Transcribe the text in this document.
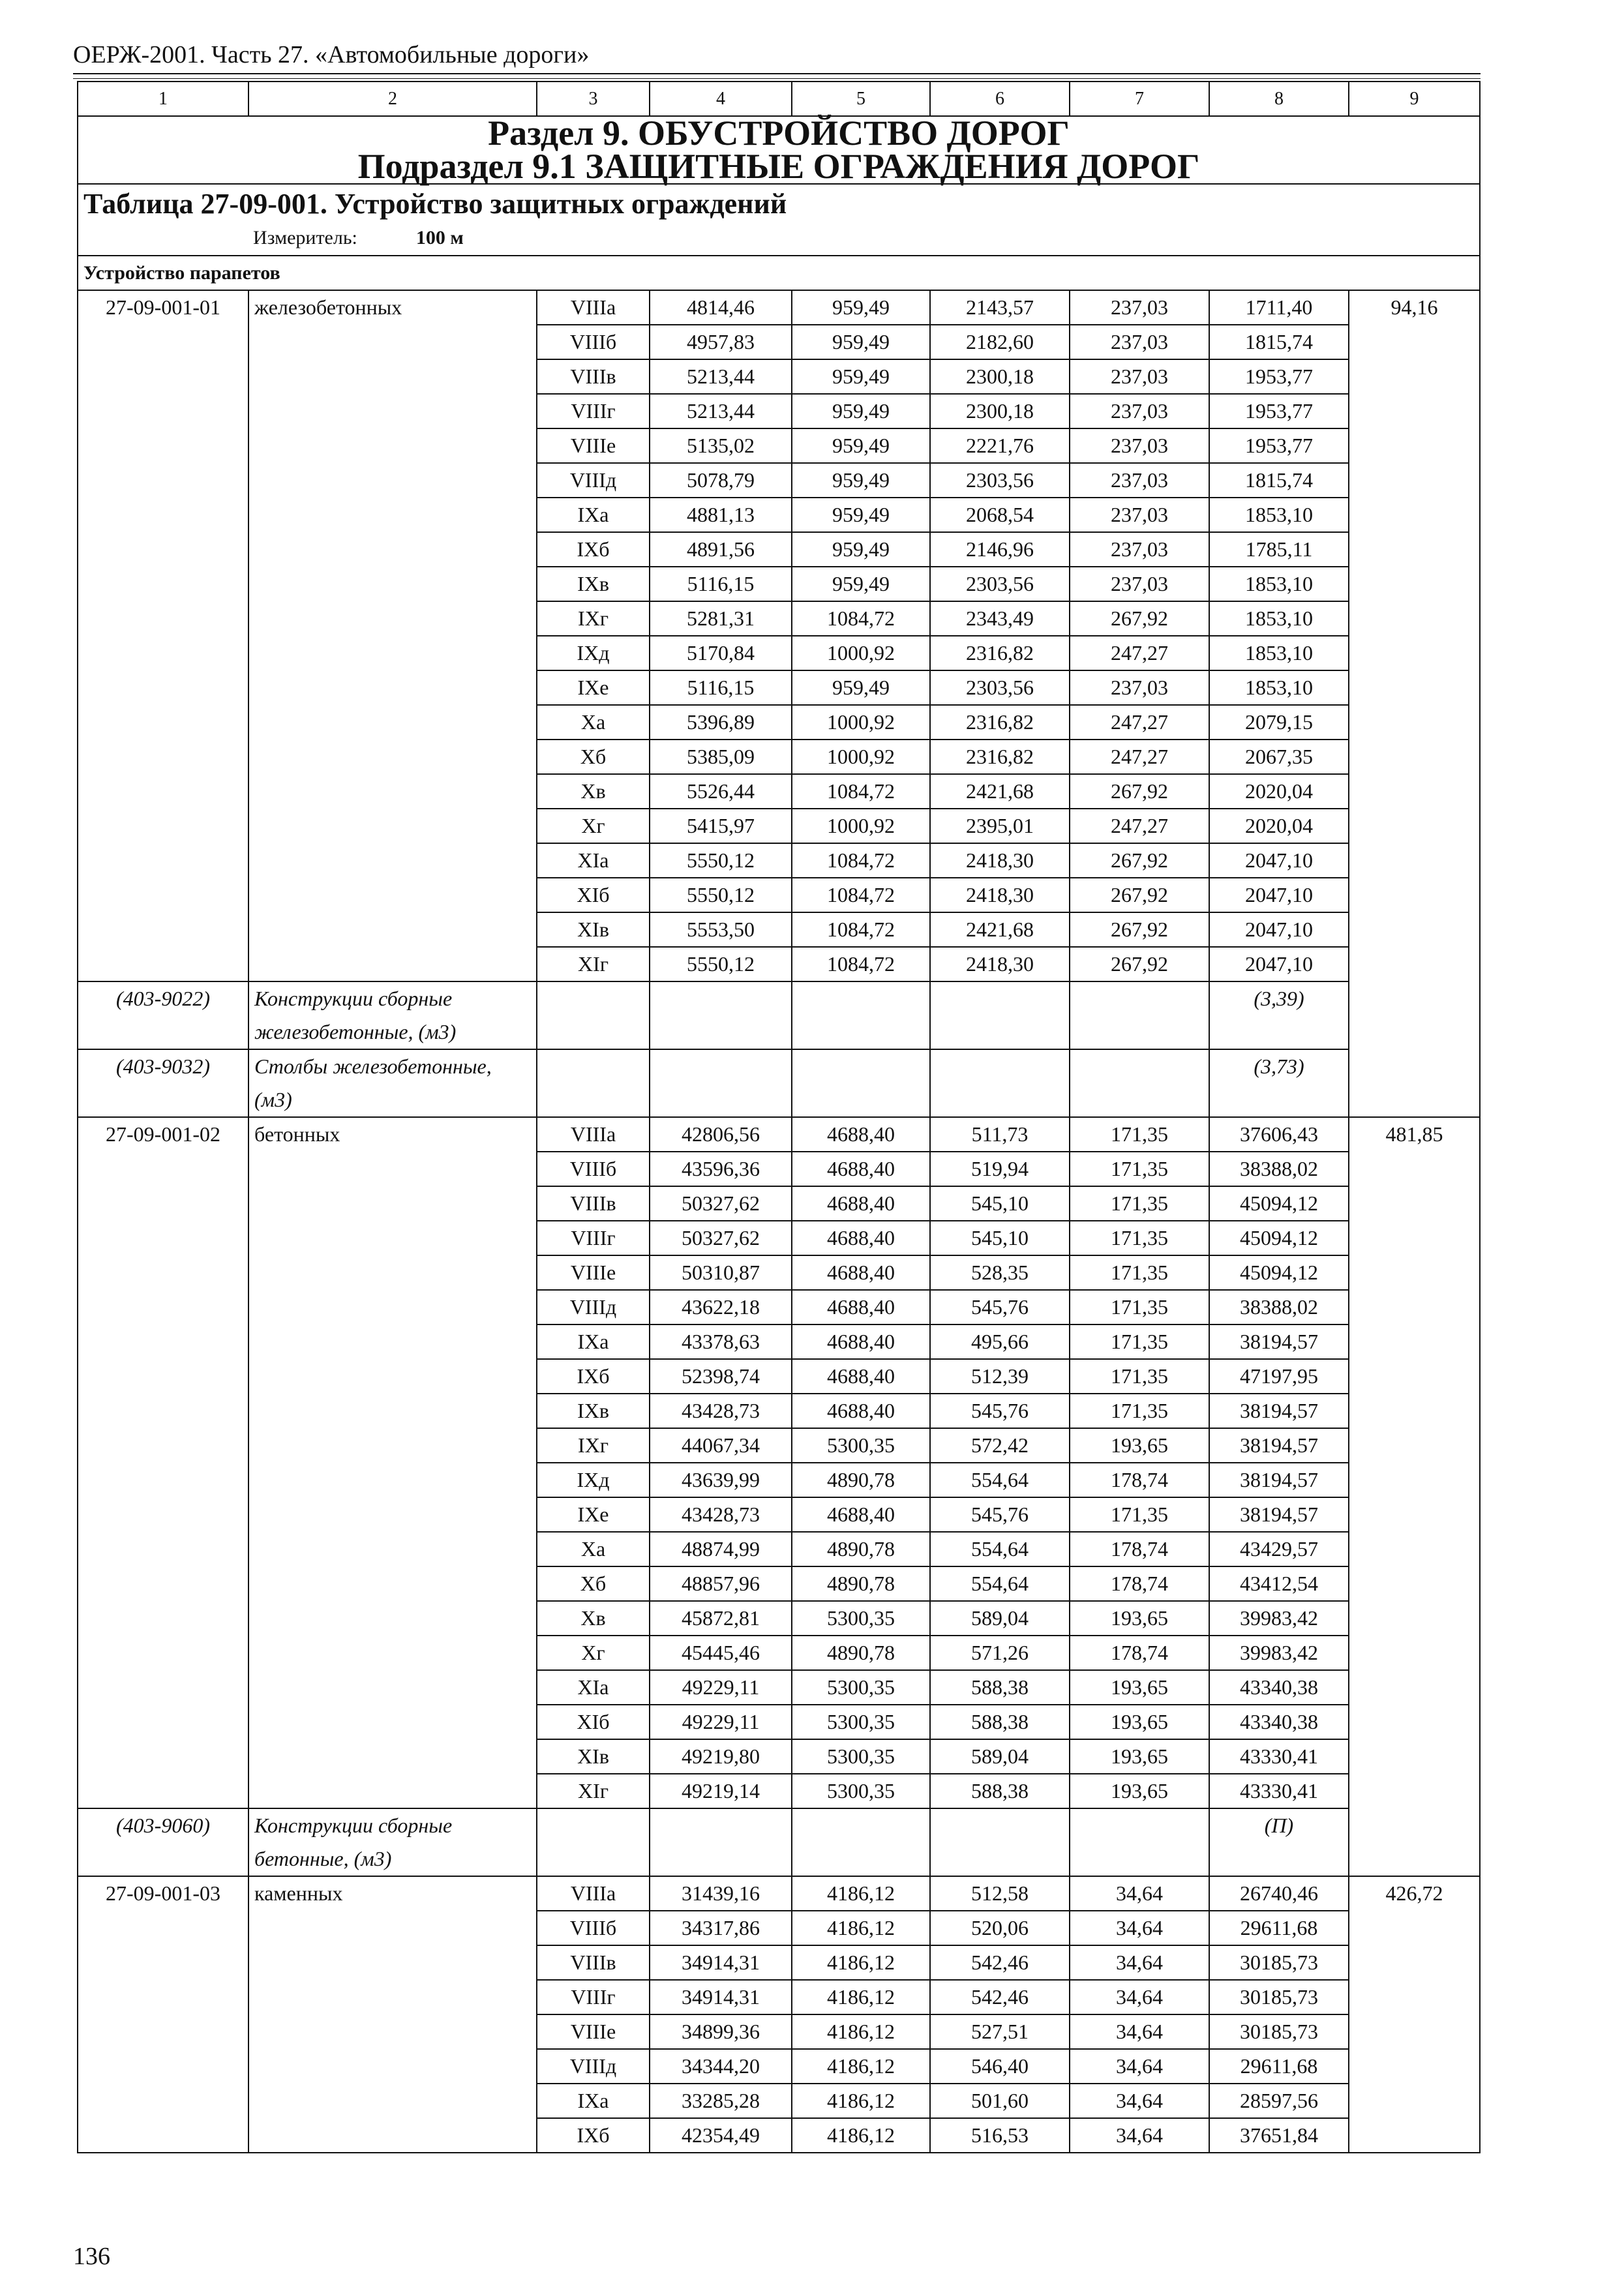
ОЕРЖ-2001. Часть 27. «Автомобильные дороги»
1	2	3	4	5	6	7	8	9

Раздел 9. ОБУСТРОЙСТВО ДОРОГ
Подраздел 9.1 ЗАЩИТНЫЕ ОГРАЖДЕНИЯ ДОРОГ								

Таблица 27-09-001. Устройство защитных ограждений
Измеритель: 100 м								

Устройство парапетов								
27-09-001-01	железобетонных	VIIIа	4814,46	959,49	2143,57	237,03	1711,40	94,16
		VIIIб	4957,83	959,49	2182,60	237,03	1815,74	
		VIIIв	5213,44	959,49	2300,18	237,03	1953,77	
		VIIIг	5213,44	959,49	2300,18	237,03	1953,77	
		VIIIе	5135,02	959,49	2221,76	237,03	1953,77	
		VIIIд	5078,79	959,49	2303,56	237,03	1815,74	
		IXа	4881,13	959,49	2068,54	237,03	1853,10	
		IXб	4891,56	959,49	2146,96	237,03	1785,11	
		IXв	5116,15	959,49	2303,56	237,03	1853,10	
		IXг	5281,31	1084,72	2343,49	267,92	1853,10	
		IXд	5170,84	1000,92	2316,82	247,27	1853,10	
		IXе	5116,15	959,49	2303,56	237,03	1853,10	
		Xа	5396,89	1000,92	2316,82	247,27	2079,15	
		Xб	5385,09	1000,92	2316,82	247,27	2067,35	
		Xв	5526,44	1084,72	2421,68	267,92	2020,04	
		Xг	5415,97	1000,92	2395,01	247,27	2020,04	
		XIа	5550,12	1084,72	2418,30	267,92	2047,10	
		XIб	5550,12	1084,72	2418,30	267,92	2047,10	
		XIв	5553,50	1084,72	2421,68	267,92	2047,10	
		XIг	5550,12	1084,72	2418,30	267,92	2047,10	
(403-9022)	Конструкции сборные железобетонные, (м3)						(3,39)	
(403-9032)	Столбы железобетонные, (м3)						(3,73)	
27-09-001-02	бетонных	VIIIа	42806,56	4688,40	511,73	171,35	37606,43	481,85
		VIIIб	43596,36	4688,40	519,94	171,35	38388,02	
		VIIIв	50327,62	4688,40	545,10	171,35	45094,12	
		VIIIг	50327,62	4688,40	545,10	171,35	45094,12	
		VIIIе	50310,87	4688,40	528,35	171,35	45094,12	
		VIIIд	43622,18	4688,40	545,76	171,35	38388,02	
		IXа	43378,63	4688,40	495,66	171,35	38194,57	
		IXб	52398,74	4688,40	512,39	171,35	47197,95	
		IXв	43428,73	4688,40	545,76	171,35	38194,57	
		IXг	44067,34	5300,35	572,42	193,65	38194,57	
		IXд	43639,99	4890,78	554,64	178,74	38194,57	
		IXе	43428,73	4688,40	545,76	171,35	38194,57	
		Xа	48874,99	4890,78	554,64	178,74	43429,57	
		Xб	48857,96	4890,78	554,64	178,74	43412,54	
		Xв	45872,81	5300,35	589,04	193,65	39983,42	
		Xг	45445,46	4890,78	571,26	178,74	39983,42	
		XIа	49229,11	5300,35	588,38	193,65	43340,38	
		XIб	49229,11	5300,35	588,38	193,65	43340,38	
		XIв	49219,80	5300,35	589,04	193,65	43330,41	
		XIг	49219,14	5300,35	588,38	193,65	43330,41	
(403-9060)	Конструкции сборные бетонные, (м3)						(П)	
27-09-001-03	каменных	VIIIа	31439,16	4186,12	512,58	34,64	26740,46	426,72
		VIIIб	34317,86	4186,12	520,06	34,64	29611,68	
		VIIIв	34914,31	4186,12	542,46	34,64	30185,73	
		VIIIг	34914,31	4186,12	542,46	34,64	30185,73	
		VIIIе	34899,36	4186,12	527,51	34,64	30185,73	
		VIIIд	34344,20	4186,12	546,40	34,64	29611,68	
		IXа	33285,28	4186,12	501,60	34,64	28597,56	
		IXб	42354,49	4186,12	516,53	34,64	37651,84	
136
